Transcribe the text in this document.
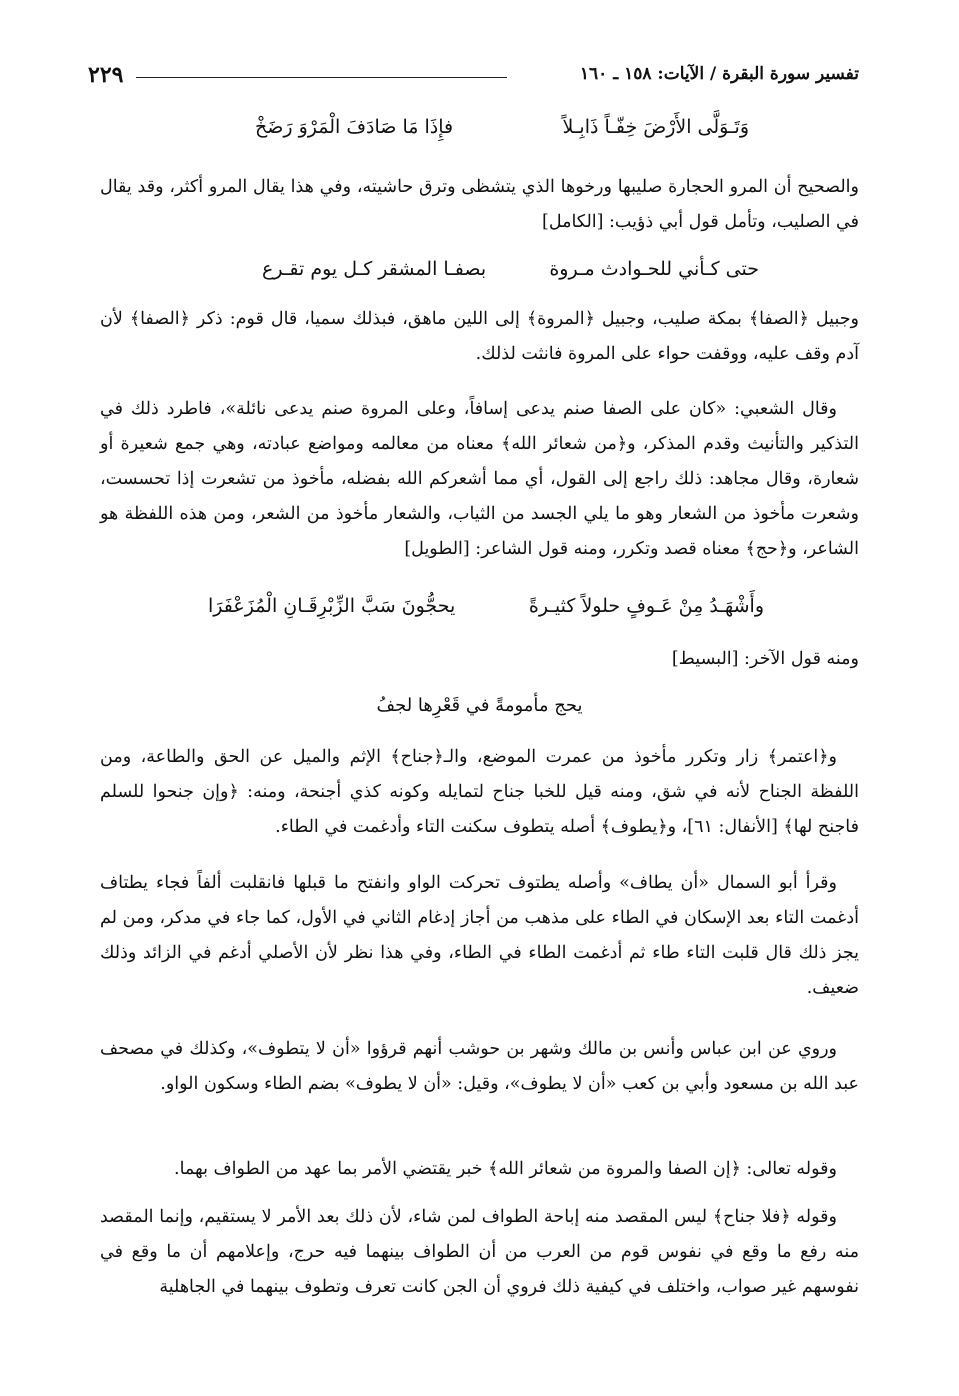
٢٢٩	تفسير سورة البقرة / الآيات: ١٥٨ ـ ١٦٠
وَتَـوَلَّى الأَرْضَ خِفّـاً ذَابِـلاً
فإِذَا مَا صَادَفَ الْمَرْوَ رَضَخْ
والصحيح أن المرو الحجارة صليبها ورخوها الذي يتشظى وترق حاشيته، وفي هذا يقال المرو أكثر، وقد يقال في الصليب، وتأمل قول أبي ذؤيب: [الكامل]
حتى كـأني للحـوادث مـروة
بصفـا المشقر كـل يوم تقـرع
وجبيل ﴿الصفا﴾ بمكة صليب، وجبيل ﴿المروة﴾ إلى اللين ماهق، فبذلك سميا، قال قوم: ذكر ﴿الصفا﴾ لأن آدم وقف عليه، ووقفت حواء على المروة فانثت لذلك.
وقال الشعبي: «كان على الصفا صنم يدعى إسافاً، وعلى المروة صنم يدعى نائلة»، فاطرد ذلك في التذكير والتأنيث وقدم المذكر، و﴿من شعائر الله﴾ معناه من معالمه ومواضع عبادته، وهي جمع شعيرة أو شعارة، وقال مجاهد: ذلك راجع إلى القول، أي مما أشعركم الله بفضله، مأخوذ من تشعرت إذا تحسست، وشعرت مأخوذ من الشعار وهو ما يلي الجسد من الثياب، والشعار مأخوذ من الشعر، ومن هذه اللفظة هو الشاعر، و﴿حج﴾ معناه قصد وتكرر، ومنه قول الشاعر: [الطويل]
وأَشْهَـدُ مِنْ عَـوفٍ حلولاً كثيـرةً
يحجُّونَ سَبَّ الزِّبْرِقَـانِ الْمُزَعْفَرَا
ومنه قول الآخر: [البسيط]
يحج مأمومةً في قَعْرِها لجفُ
و﴿اعتمر﴾ زار وتكرر مأخوذ من عمرت الموضع، والـ﴿جناح﴾ الإثم والميل عن الحق والطاعة، ومن اللفظة الجناح لأنه في شق، ومنه قيل للخبا جناح لتمايله وكونه كذي أجنحة، ومنه: ﴿وإن جنحوا للسلم فاجنح لها﴾ [الأنفال: ٦١]، و﴿يطوف﴾ أصله يتطوف سكنت التاء وأدغمت في الطاء.
وقرأ أبو السمال «أن يطاف» وأصله يطتوف تحركت الواو وانفتح ما قبلها فانقلبت ألفاً فجاء يطتاف أدغمت التاء بعد الإسكان في الطاء على مذهب من أجاز إدغام الثاني في الأول، كما جاء في مدكر، ومن لم يجز ذلك قال قلبت التاء طاء ثم أدغمت الطاء في الطاء، وفي هذا نظر لأن الأصلي أدغم في الزائد وذلك ضعيف.
وروي عن ابن عباس وأنس بن مالك وشهر بن حوشب أنهم قرؤوا «أن لا يتطوف»، وكذلك في مصحف عبد الله بن مسعود وأبي بن كعب «أن لا يطوف»، وقيل: «أن لا يطوف» بضم الطاء وسكون الواو.
وقوله تعالى: ﴿إن الصفا والمروة من شعائر الله﴾ خبر يقتضي الأمر بما عهد من الطواف بهما.
وقوله ﴿فلا جناح﴾ ليس المقصد منه إباحة الطواف لمن شاء، لأن ذلك بعد الأمر لا يستقيم، وإنما المقصد منه رفع ما وقع في نفوس قوم من العرب من أن الطواف بينهما فيه حرج، وإعلامهم أن ما وقع في نفوسهم غير صواب، واختلف في كيفية ذلك فروي أن الجن كانت تعرف وتطوف بينهما في الجاهلية
